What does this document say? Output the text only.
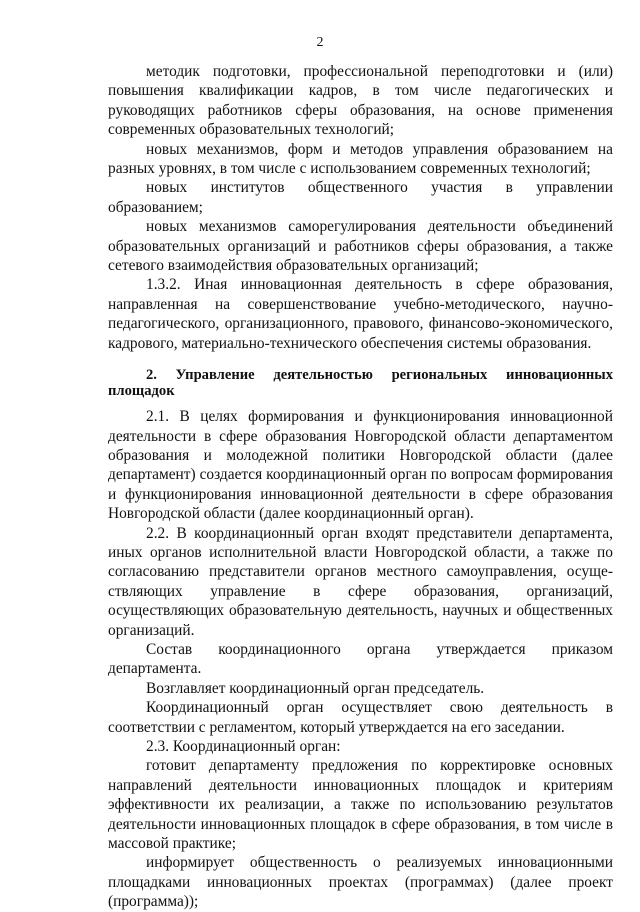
2

методик подготовки, профессиональной переподготовки и (или) повышения квалификации кадров, в том числе педагогических и руководящих работников сферы образования, на основе применения современных образовательных технологий;

новых механизмов, форм и методов управления образованием на разных уровнях, в том числе с использованием современных технологий;

новых институтов общественного участия в управлении образованием;

новых механизмов саморегулирования деятельности объединений образовательных организаций и работников сферы образования, а также сетевого взаимодействия образовательных организаций;

1.3.2. Иная инновационная деятельность в сфере образования, направленная на совершенствование учебно-методического, научно-педагогического, организационного, правового, финансово-экономического, кадрового, материально-технического обеспечения системы образования.

2. Управление деятельностью региональных инновационных площадок

2.1. В целях формирования и функционирования инновационной деятельности в сфере образования Новгородской области департаментом образования и молодежной политики Новгородской области (далее департамент) создается координационный орган по вопросам формирования и функционирования инновационной деятельности в сфере образования Новгородской области (далее координационный орган).

2.2. В координационный орган входят представители департамента, иных органов исполнительной власти Новгородской области, а также по согласованию представители органов местного самоуправления, осуществляющих управление в сфере образования, организаций, осуществляющих образовательную деятельность, научных и общественных организаций.

Состав координационного органа утверждается приказом департамента.

Возглавляет координационный орган председатель.

Координационный орган осуществляет свою деятельность в соответствии с регламентом, который утверждается на его заседании.

2.3. Координационный орган:

готовит департаменту предложения по корректировке основных направлений деятельности инновационных площадок и критериям эффективности их реализации, а также по использованию результатов деятельности инновационных площадок в сфере образования, в том числе в массовой практике;

информирует общественность о реализуемых инновационными площадками инновационных проектах (программах) (далее проект (программа));
